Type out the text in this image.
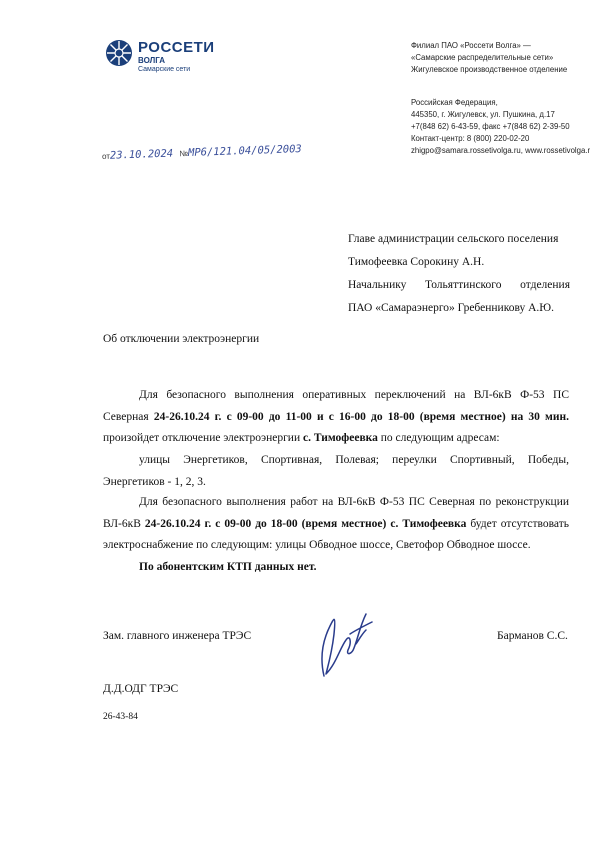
РОССЕТИ
ВОЛГА
Самарские сети
Филиал ПАО «Россети Волга» —
«Самарские распределительные сети»
Жигулевское производственное отделение
Российская Федерация,
445350, г. Жигулевск, ул. Пушкина, д.17
+7(848 62) 6-43-59, факс +7(848 62) 2-39-50
Контакт-центр: 8 (800) 220-02-20
zhigpo@samara.rossetivolga.ru, www.rossetivolga.r
от23.10.2024 №МР6/121.04/05/2003
Главе администрации сельского поселения
Тимофеевка Сорокину А.Н.
Начальнику Тольяттинского отделения
ПАО «Самараэнерго» Гребенникову А.Ю.
Об отключении электроэнергии
Для безопасного выполнения оперативных переключений на ВЛ-6кВ Ф-53 ПС
Северная 24-26.10.24 г. с 09-00 до 11-00 и с 16-00 до 18-00 (время местное) на 30 мин.
произойдет отключение электроэнергии с. Тимофеевка по следующим адресам:
улицы Энергетиков, Спортивная, Полевая; переулки Спортивный, Победы,
Энергетиков - 1, 2, 3.
Для безопасного выполнения работ на ВЛ-6кВ Ф-53 ПС Северная по реконструкции
ВЛ-6кВ 24-26.10.24 г. с 09-00 до 18-00 (время местное) с. Тимофеевка будет отсутствовать
электроснабжение по следующим: улицы Обводное шоссе, Светофор Обводное шоссе.
По абонентским КТП данных нет.
Зам. главного инженера ТРЭС	Барманов С.С.
Д.Д.ОДГ ТРЭС
26-43-84
